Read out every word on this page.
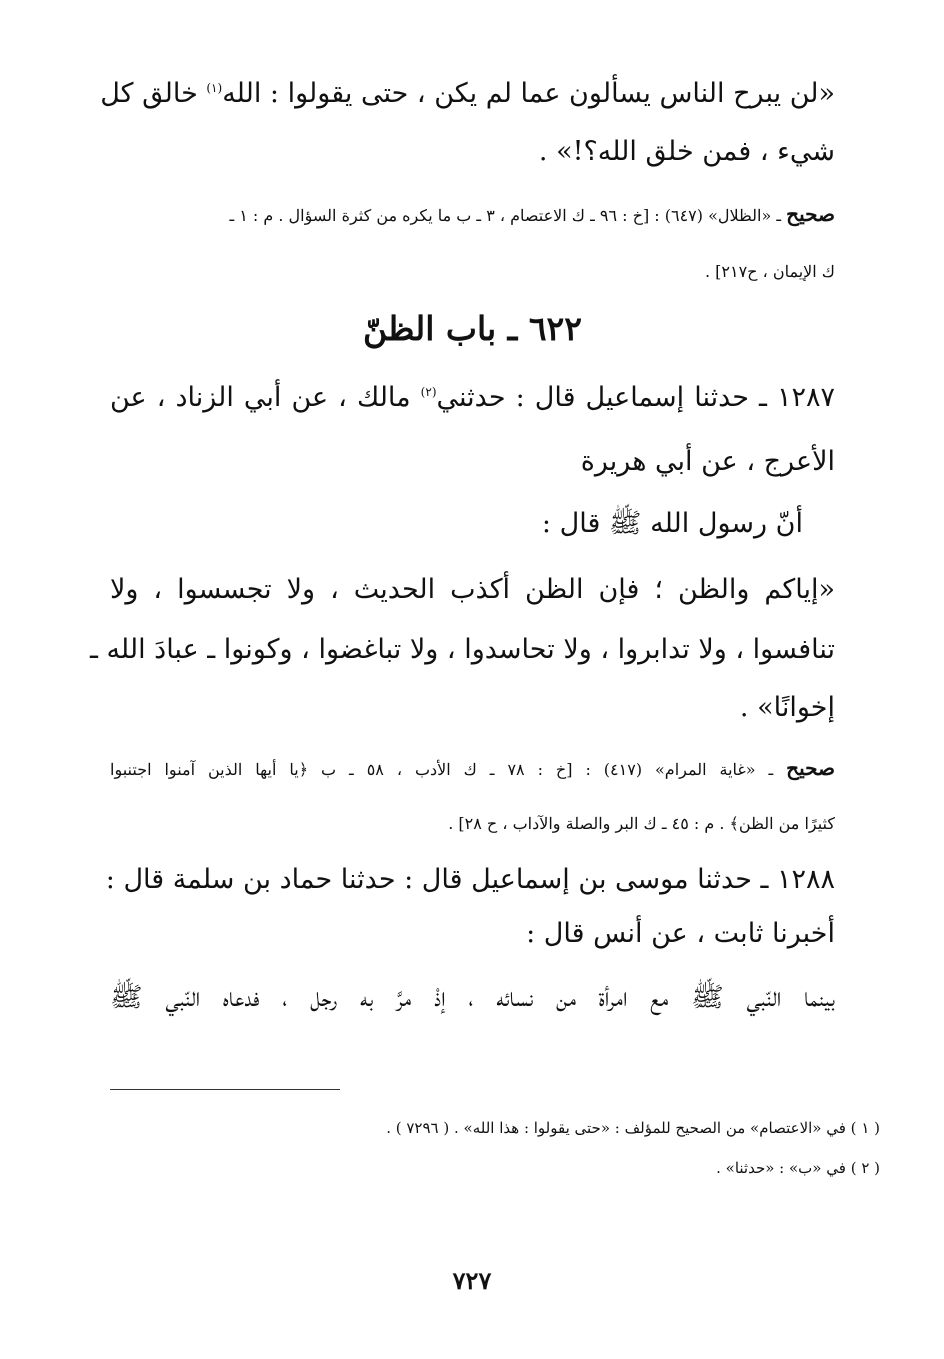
«لن يبرح الناس يسألون عما لم يكن ، حتى يقولوا : الله$^{(١)}$ خالق كل
شيء ، فمن خلق الله؟!» .
صحيح ـ «الظلال» (٦٤٧) : [خ : ٩٦ ـ ك الاعتصام ، ٣ ـ ب ما يكره من كثرة السؤال . م : ١ ـ
ك الإيمان ، ح٢١٧] .
٦٢٢ ـ باب الظنّ
١٢٨٧ ـ حدثنا إسماعيل قال : حدثني$^{(٢)}$ مالك ، عن أبي الزناد ، عن
الأعرج ، عن أبي هريرة
أنّ رسول الله ﷺ قال :
«إياكم والظن ؛ فإن الظن أكذب الحديث ، ولا تجسسوا ، ولا
تنافسوا ، ولا تدابروا ، ولا تحاسدوا ، ولا تباغضوا ، وكونوا ـ عبادَ الله ـ
إخوانًا» .
صحيح ـ «غاية المرام» (٤١٧) : [خ : ٧٨ ـ ك الأدب ، ٥٨ ـ ب ﴿يا أيها الذين آمنوا اجتنبوا
كثيرًا من الظن﴾ . م : ٤٥ ـ ك البر والصلة والآداب ، ح ٢٨] .
١٢٨٨ ـ حدثنا موسى بن إسماعيل قال : حدثنا حماد بن سلمة قال :
أخبرنا ثابت ، عن أنس قال :
بينما النّبي ﷺ مع امرأة من نسائه ، إذْ مرَّ به رجل ، فدعاه النّبي ﷺ
( ١ ) في «الاعتصام» من الصحيح للمؤلف : «حتى يقولوا : هذا الله» . ( ٧٢٩٦ ) .
( ٢ ) في «ب» : «حدثنا» .
٧٢٧
